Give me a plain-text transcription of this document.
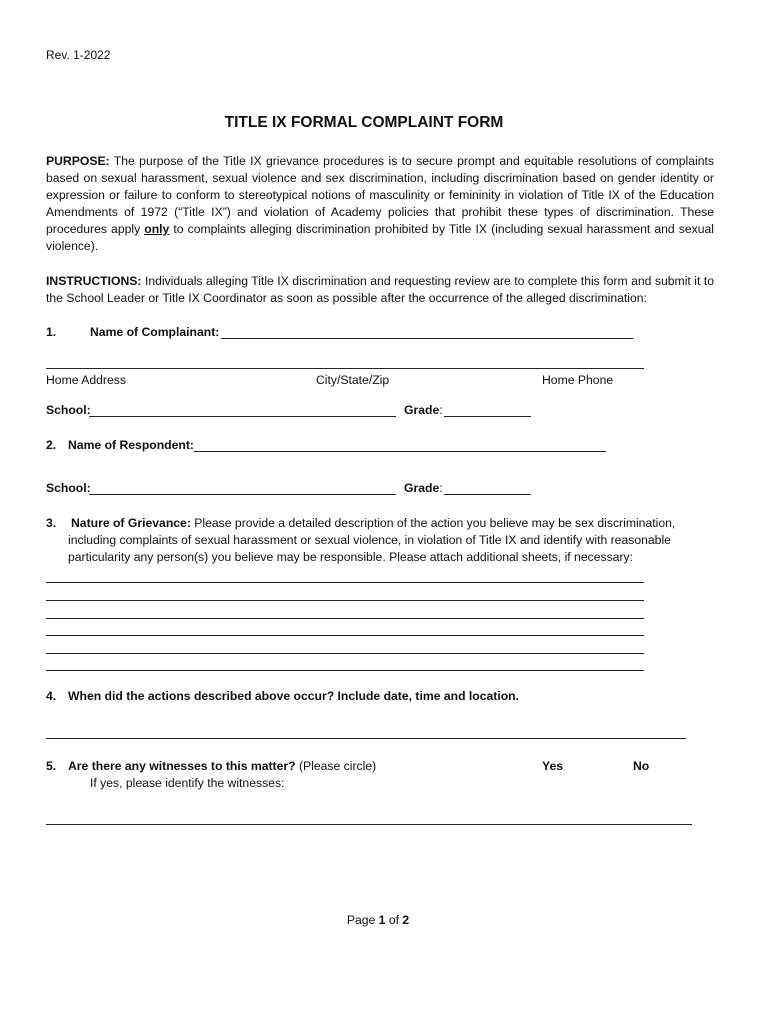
Rev. 1-2022
TITLE IX FORMAL COMPLAINT FORM
PURPOSE: The purpose of the Title IX grievance procedures is to secure prompt and equitable resolutions of complaints based on sexual harassment, sexual violence and sex discrimination, including discrimination based on gender identity or expression or failure to conform to stereotypical notions of masculinity or femininity in violation of Title IX of the Education Amendments of 1972 (“Title IX”) and violation of Academy policies that prohibit these types of discrimination. These procedures apply only to complaints alleging discrimination prohibited by Title IX (including sexual harassment and sexual violence).
INSTRUCTIONS: Individuals alleging Title IX discrimination and requesting review are to complete this form and submit it to the School Leader or Title IX Coordinator as soon as possible after the occurrence of the alleged discrimination:
1.	Name of Complainant:
Home Address	City/State/Zip	Home Phone
School:	Grade:
2. Name of Respondent:
School:	Grade:
3. Nature of Grievance: Please provide a detailed description of the action you believe may be sex discrimination,
including complaints of sexual harassment or sexual violence, in violation of Title IX and identify with reasonable
particularity any person(s) you believe may be responsible. Please attach additional sheets, if necessary:
4. When did the actions described above occur? Include date, time and location.
5. Are there any witnesses to this matter? (Please circle)	Yes	No
If yes, please identify the witnesses:
Page 1 of 2
